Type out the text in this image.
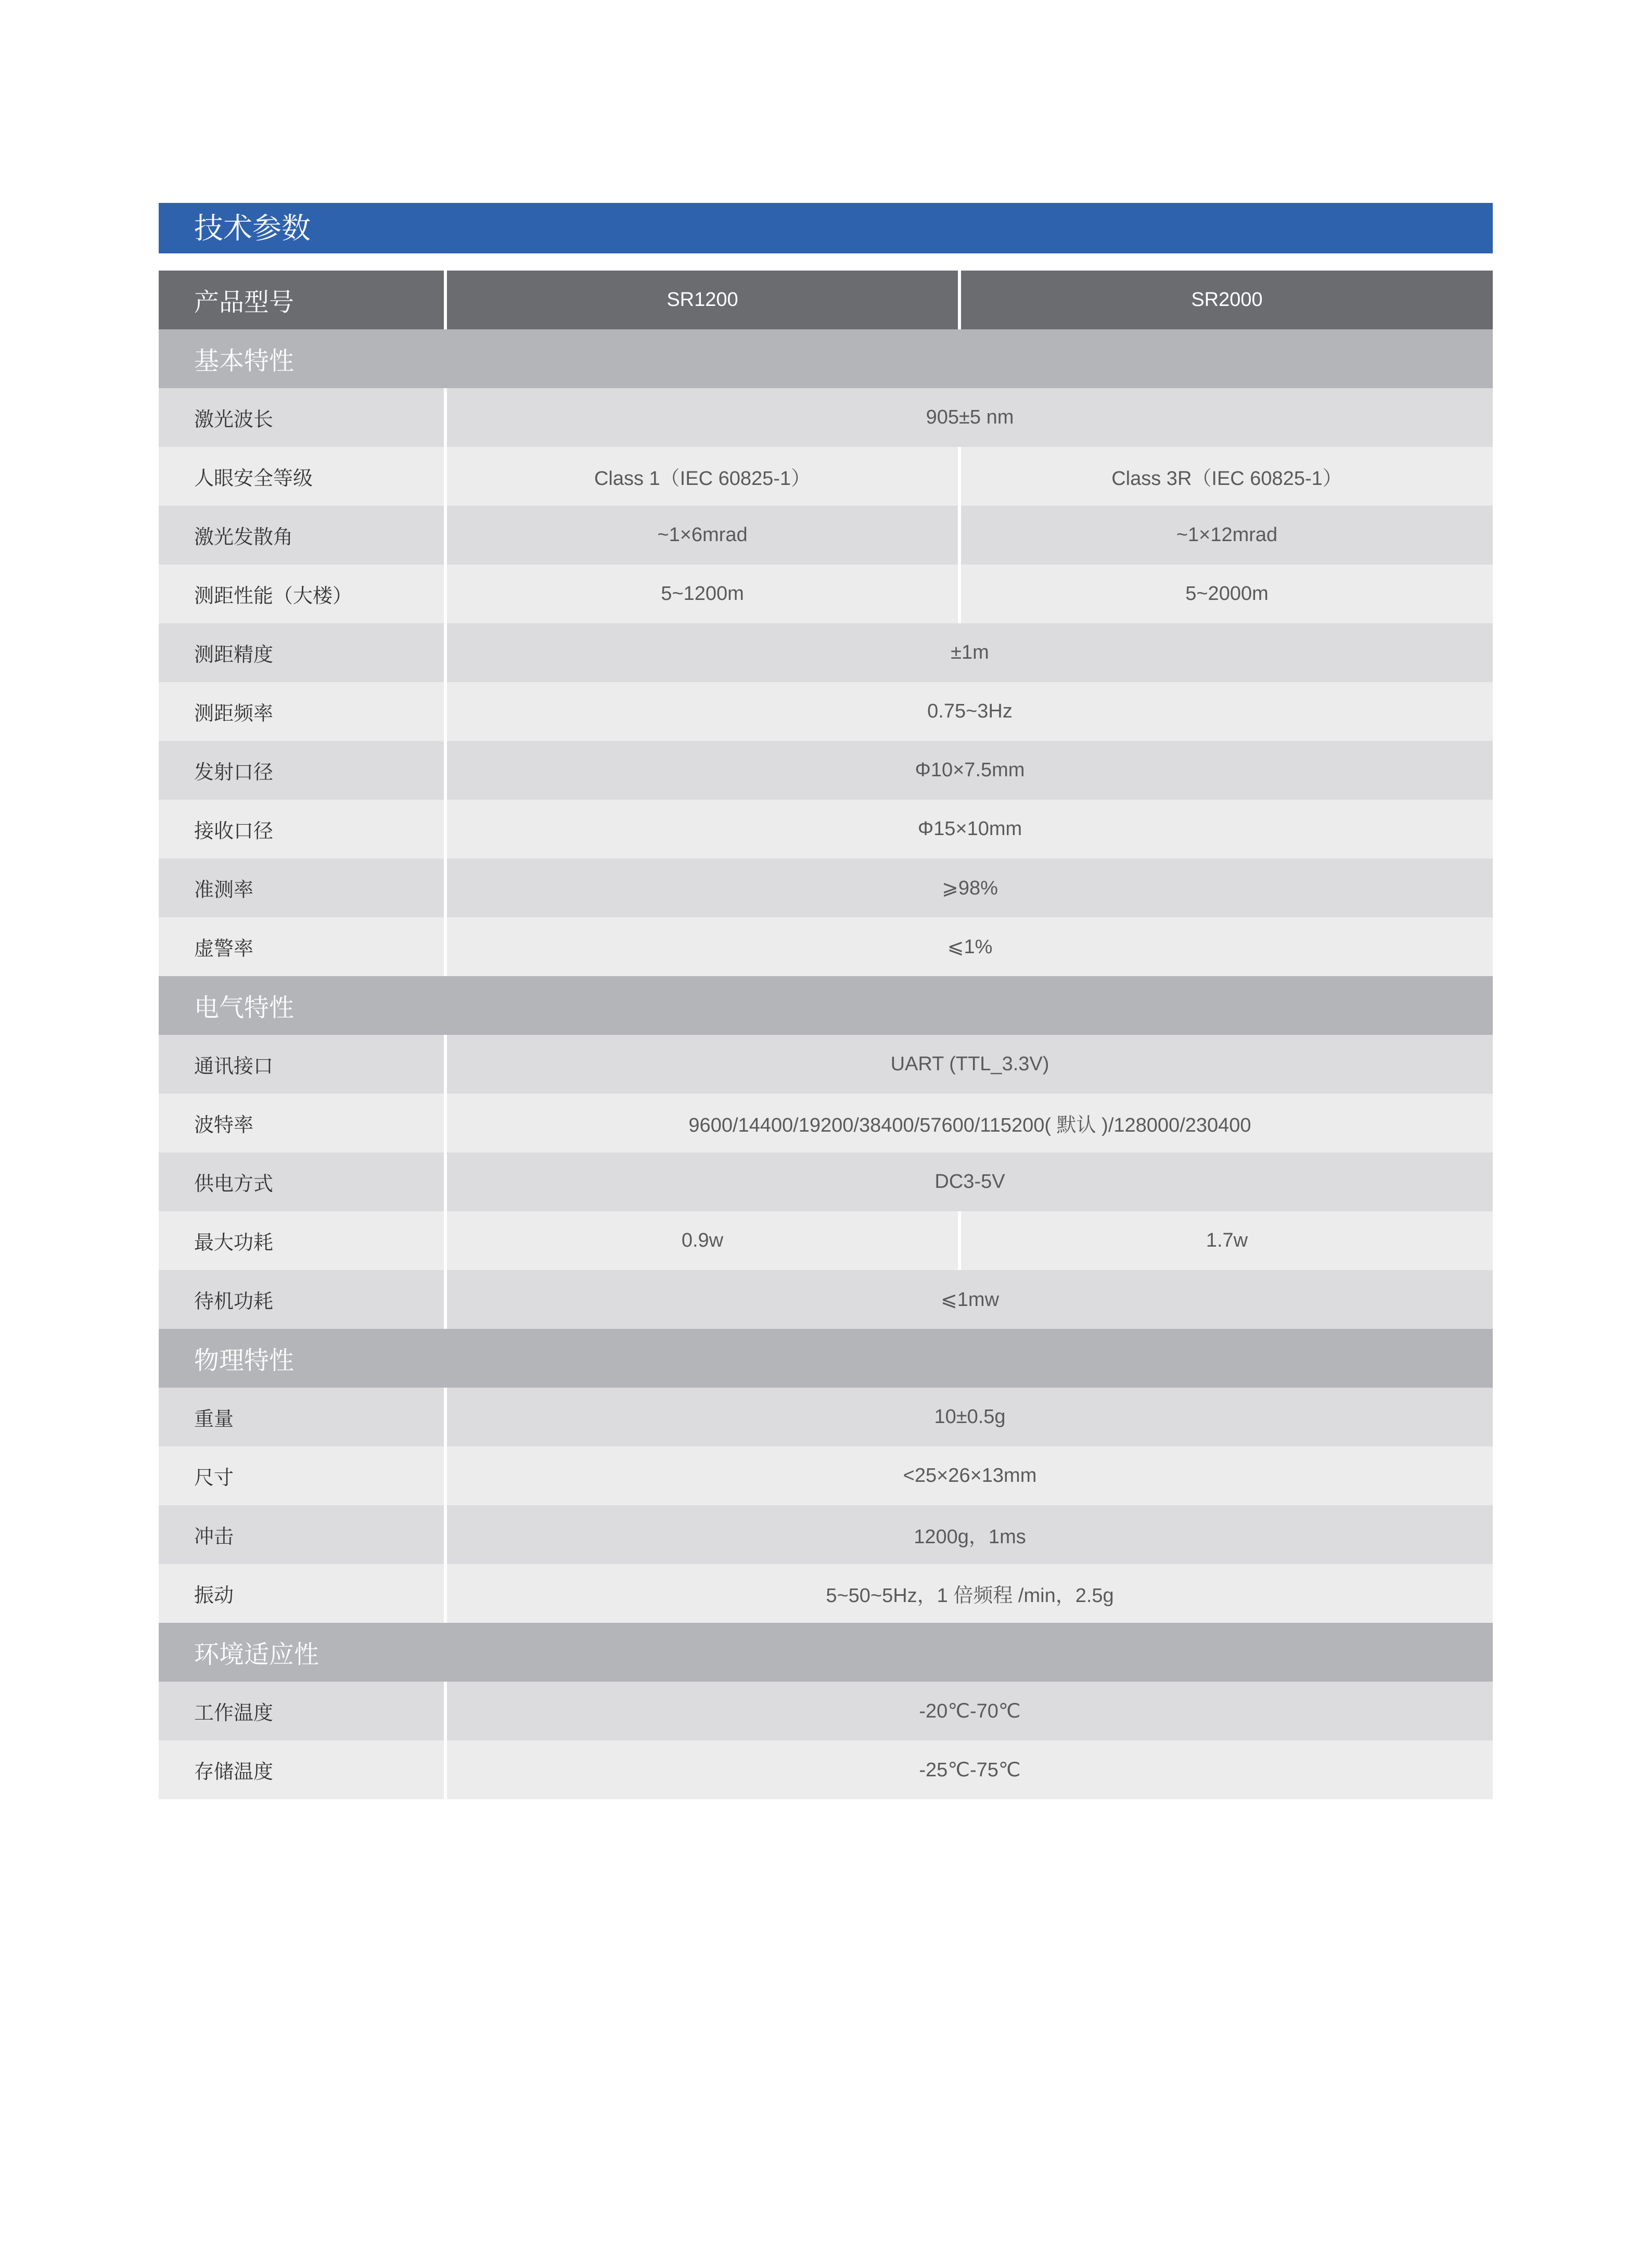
技术参数
产品型号	SR1200	SR2000
基本特性
激光波长	905±5 nm
人眼安全等级	Class 1（IEC 60825-1）	Class 3R（IEC 60825-1）
激光发散角	~1×6mrad	~1×12mrad
测距性能（大楼）	5~1200m	5~2000m
测距精度	±1m
测距频率	0.75~3Hz
发射口径	Φ10×7.5mm
接收口径	Φ15×10mm
准测率	⩾98%
虚警率	⩽1%
电气特性
通讯接口	UART (TTL_3.3V)
波特率	9600/14400/19200/38400/57600/115200( 默认 )/128000/230400
供电方式	DC3-5V
最大功耗	0.9w	1.7w
待机功耗	⩽1mw
物理特性
重量	10±0.5g
尺寸	<25×26×13mm
冲击	1200g，1ms
振动	5~50~5Hz，1 倍频程 /min，2.5g
环境适应性
工作温度	-20℃-70℃
存储温度	-25℃-75℃
